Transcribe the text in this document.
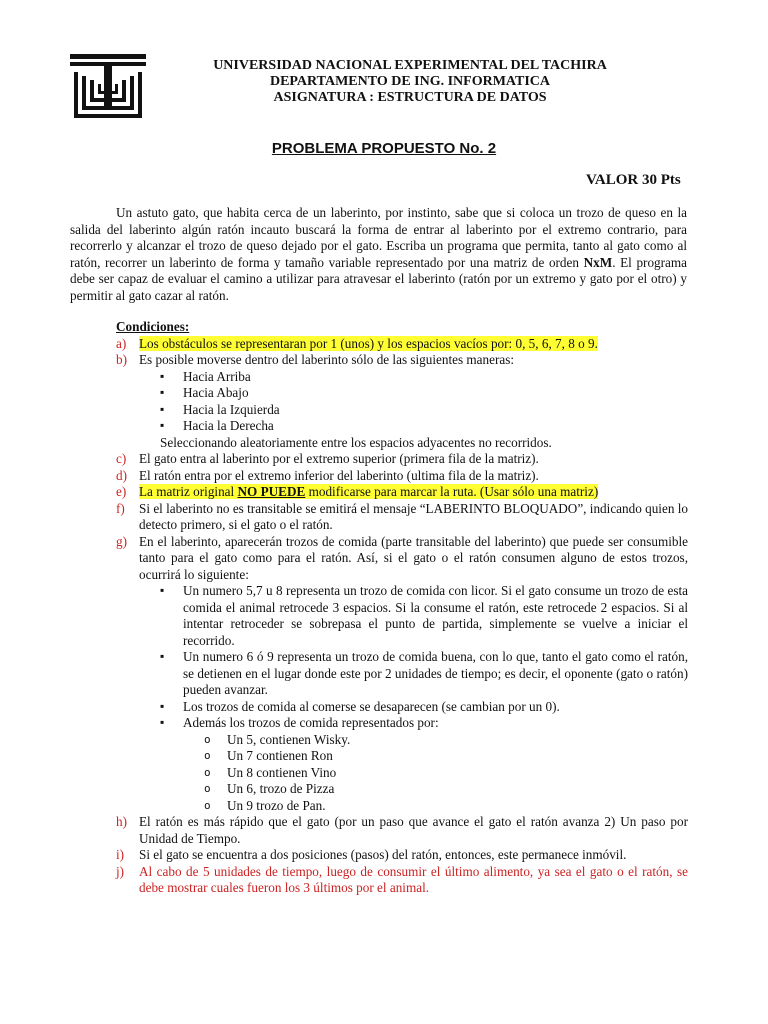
UNIVERSIDAD NACIONAL EXPERIMENTAL DEL TACHIRA
DEPARTAMENTO DE ING. INFORMATICA
ASIGNATURA : ESTRUCTURA DE DATOS
PROBLEMA PROPUESTO No. 2
VALOR 30 Pts

Un astuto gato, que habita cerca de un laberinto, por instinto, sabe que si coloca un trozo de queso en la salida del laberinto algún ratón incauto buscará la forma de entrar al laberinto por el extremo contrario, para recorrerlo y alcanzar el trozo de queso dejado por el gato. Escriba un programa que permita, tanto al gato como al ratón, recorrer un laberinto de forma y tamaño variable representado por una matriz de orden NxM. El programa debe ser capaz de evaluar el camino a utilizar para atravesar el laberinto (ratón por un extremo y gato por el otro) y permitir al gato cazar al ratón.

Condiciones:
a) Los obstáculos se representaran por 1 (unos) y los espacios vacíos por: 0, 5, 6, 7, 8 o 9.
b) Es posible moverse dentro del laberinto sólo de las siguientes maneras:
▪ Hacia Arriba
▪ Hacia Abajo
▪ Hacia la Izquierda
▪ Hacia la Derecha
Seleccionando aleatoriamente entre los espacios adyacentes no recorridos.
c) El gato entra al laberinto por el extremo superior (primera fila de la matriz).
d) El ratón entra por el extremo inferior del laberinto (ultima fila de la matriz).
e) La matriz original NO PUEDE modificarse para marcar la ruta. (Usar sólo una matriz)
f) Si el laberinto no es transitable se emitirá el mensaje “LABERINTO BLOQUADO”, indicando quien lo detecto primero, si el gato o el ratón.
g) En el laberinto, aparecerán trozos de comida (parte transitable del laberinto) que puede ser consumible tanto para el gato como para el ratón. Así, si el gato o el ratón consumen alguno de estos trozos, ocurrirá lo siguiente:
▪ Un numero 5,7 u 8 representa un trozo de comida con licor. Si el gato consume un trozo de esta comida el animal retrocede 3 espacios. Si la consume el ratón, este retrocede 2 espacios. Si al intentar retroceder se sobrepasa el punto de partida, simplemente se vuelve a iniciar el recorrido.
▪ Un numero 6 ó 9 representa un trozo de comida buena, con lo que, tanto el gato como el ratón, se detienen en el lugar donde este por 2 unidades de tiempo; es decir, el oponente (gato o ratón) pueden avanzar.
▪ Los trozos de comida al comerse se desaparecen (se cambian por un 0).
▪ Además los trozos de comida representados por:
o Un 5, contienen Wisky.
o Un 7 contienen Ron
o Un 8 contienen Vino
o Un 6, trozo de Pizza
o Un 9 trozo de Pan.
h) El ratón es más rápido que el gato (por un paso que avance el gato el ratón avanza 2) Un paso por Unidad de Tiempo.
i) Si el gato se encuentra a dos posiciones (pasos) del ratón, entonces, este permanece inmóvil.
j) Al cabo de 5 unidades de tiempo, luego de consumir el último alimento, ya sea el gato o el ratón, se debe mostrar cuales fueron los 3 últimos por el animal.
